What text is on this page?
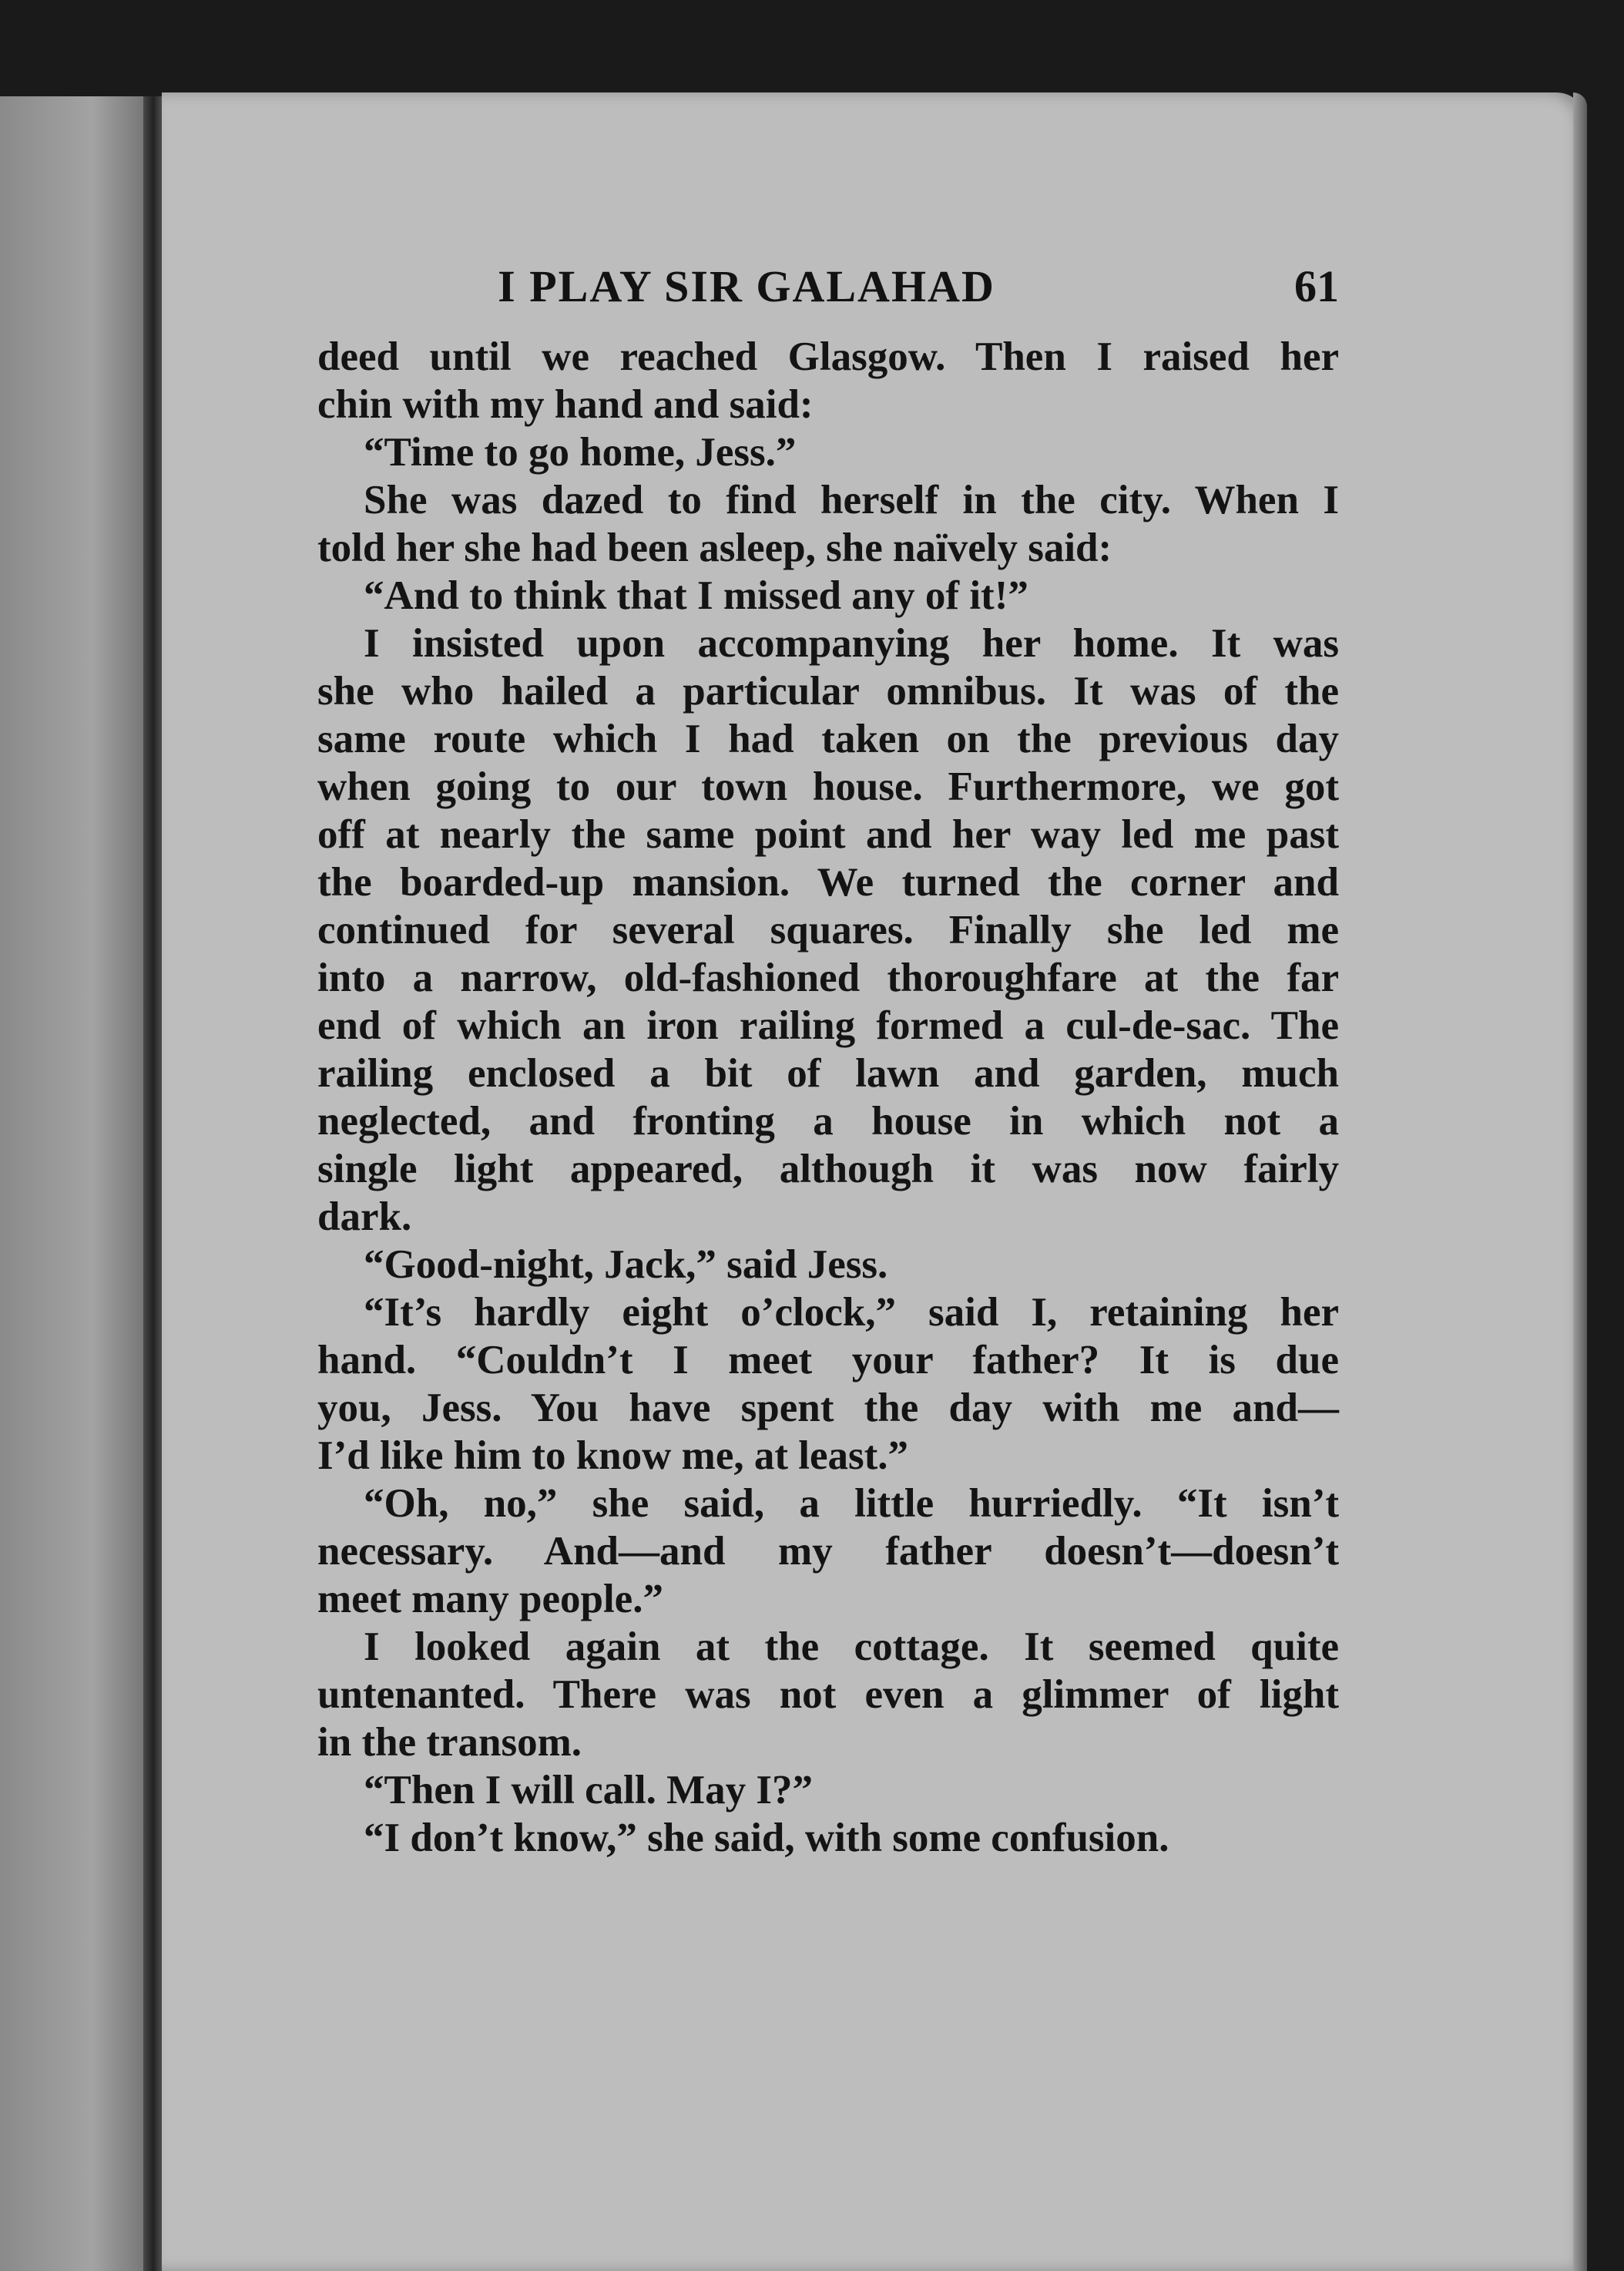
I PLAY SIR GALAHAD	61
deed until we reached Glasgow. Then I raised her
chin with my hand and said:
“Time to go home, Jess.”
She was dazed to find herself in the city. When I
told her she had been asleep, she naïvely said:
“And to think that I missed any of it!”
I insisted upon accompanying her home. It was
she who hailed a particular omnibus. It was of the
same route which I had taken on the previous day
when going to our town house. Furthermore, we got
off at nearly the same point and her way led me past
the boarded-up mansion. We turned the corner and
continued for several squares. Finally she led me
into a narrow, old-fashioned thoroughfare at the far
end of which an iron railing formed a cul-de-sac. The
railing enclosed a bit of lawn and garden, much
neglected, and fronting a house in which not a
single light appeared, although it was now fairly
dark.
“Good-night, Jack,” said Jess.
“It’s hardly eight o’clock,” said I, retaining her
hand. “Couldn’t I meet your father? It is due
you, Jess. You have spent the day with me and—
I’d like him to know me, at least.”
“Oh, no,” she said, a little hurriedly. “It isn’t
necessary. And—and my father doesn’t—doesn’t
meet many people.”
I looked again at the cottage. It seemed quite
untenanted. There was not even a glimmer of light
in the transom.
“Then I will call. May I?”
“I don’t know,” she said, with some confusion.
